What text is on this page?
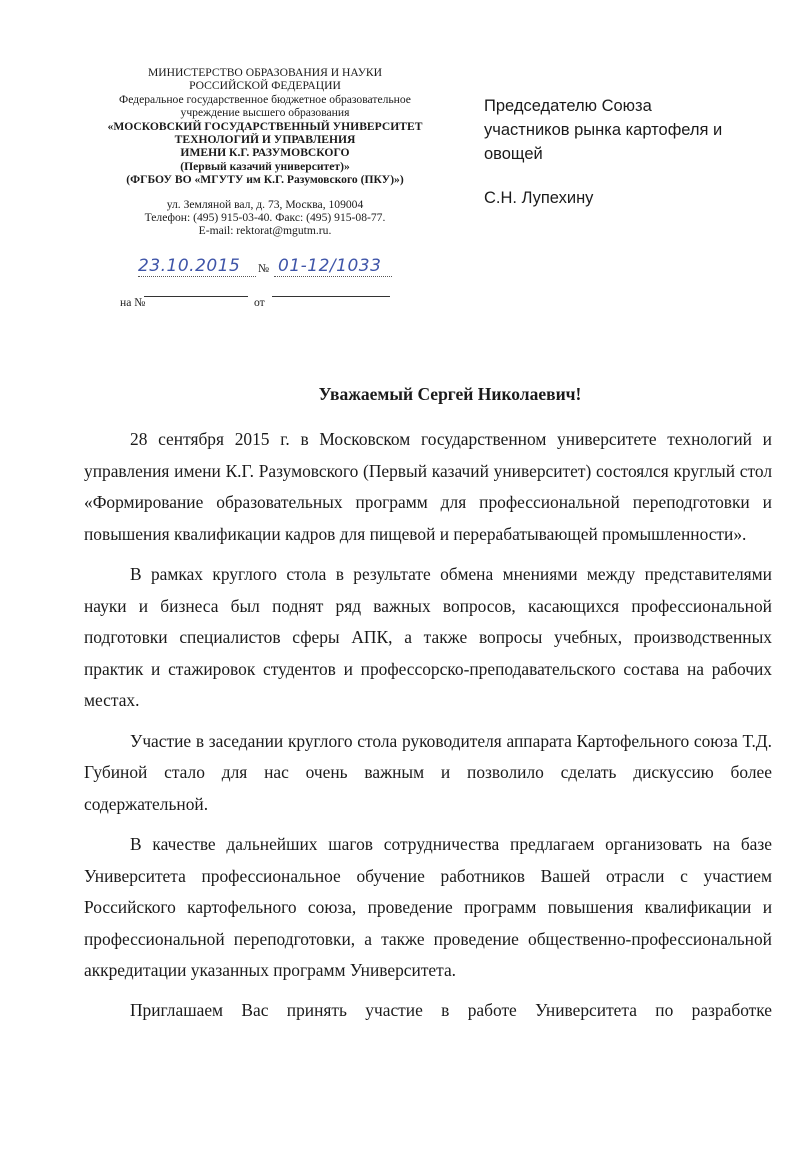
МИНИСТЕРСТВО ОБРАЗОВАНИЯ И НАУКИ
РОССИЙСКОЙ ФЕДЕРАЦИИ
Федеральное государственное бюджетное образовательное
учреждение высшего образования
«МОСКОВСКИЙ ГОСУДАРСТВЕННЫЙ УНИВЕРСИТЕТ
ТЕХНОЛОГИЙ И УПРАВЛЕНИЯ
ИМЕНИ К.Г. РАЗУМОВСКОГО
(Первый казачий университет)»
(ФГБОУ ВО «МГУТУ им К.Г. Разумовского (ПКУ)»)
ул. Земляной вал, д. 73, Москва, 109004
Телефон: (495) 915-03-40. Факс: (495) 915-08-77.
E-mail: rektorat@mgutm.ru.
23.10.2015 № 01-12/1033
на №	от
Председателю Союза
участников рынка картофеля и
овощей
С.Н. Лупехину
Уважаемый Сергей Николаевич!

28 сентября 2015 г. в Московском государственном университете технологий и управления имени К.Г. Разумовского (Первый казачий университет) состоялся круглый стол «Формирование образовательных программ для профессиональной переподготовки и повышения квалификации кадров для пищевой и перерабатывающей промышленности».

В рамках круглого стола в результате обмена мнениями между представителями науки и бизнеса был поднят ряд важных вопросов, касающихся профессиональной подготовки специалистов сферы АПК, а также вопросы учебных, производственных практик и стажировок студентов и профессорско-преподавательского состава на рабочих местах.

Участие в заседании круглого стола руководителя аппарата Картофельного союза Т.Д. Губиной стало для нас очень важным и позволило сделать дискуссию более содержательной.

В качестве дальнейших шагов сотрудничества предлагаем организовать на базе Университета профессиональное обучение работников Вашей отрасли с участием Российского картофельного союза, проведение программ повышения квалификации и профессиональной переподготовки, а также проведение общественно-профессиональной аккредитации указанных программ Университета.

Приглашаем Вас принять участие в работе Университета по разработке
